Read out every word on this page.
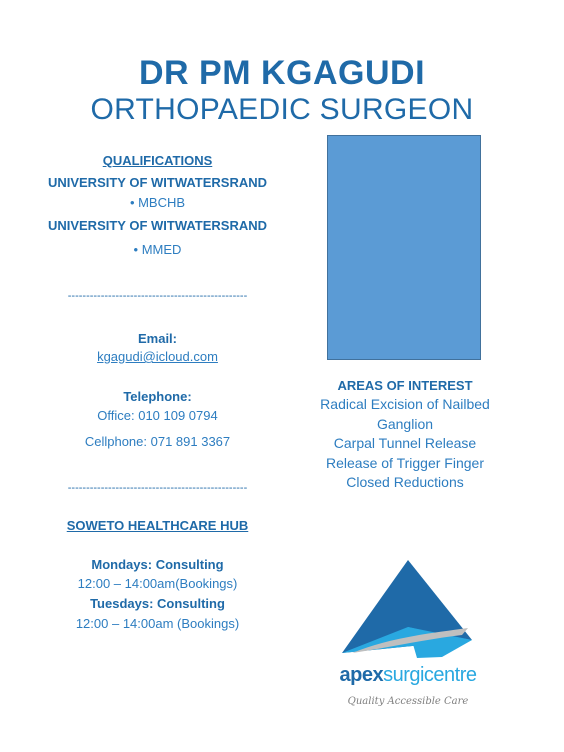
DR PM KGAGUDI
ORTHOPAEDIC SURGEON
QUALIFICATIONS
UNIVERSITY OF WITWATERSRAND
• MBCHB
UNIVERSITY OF WITWATERSRAND
• MMED
-------------------------------------------------
Email:
kgagudi@icloud.com
Telephone:
Office: 010 109 0794
Cellphone: 071 891 3367
-------------------------------------------------
SOWETO HEALTHCARE HUB
Mondays: Consulting
12:00 – 14:00am(Bookings)
Tuesdays: Consulting
12:00 – 14:00am (Bookings)
AREAS OF INTEREST
Radical Excision of Nailbed Ganglion
Carpal Tunnel Release
Release of Trigger Finger
Closed Reductions
apexsurgicentre
Quality Accessible Care
